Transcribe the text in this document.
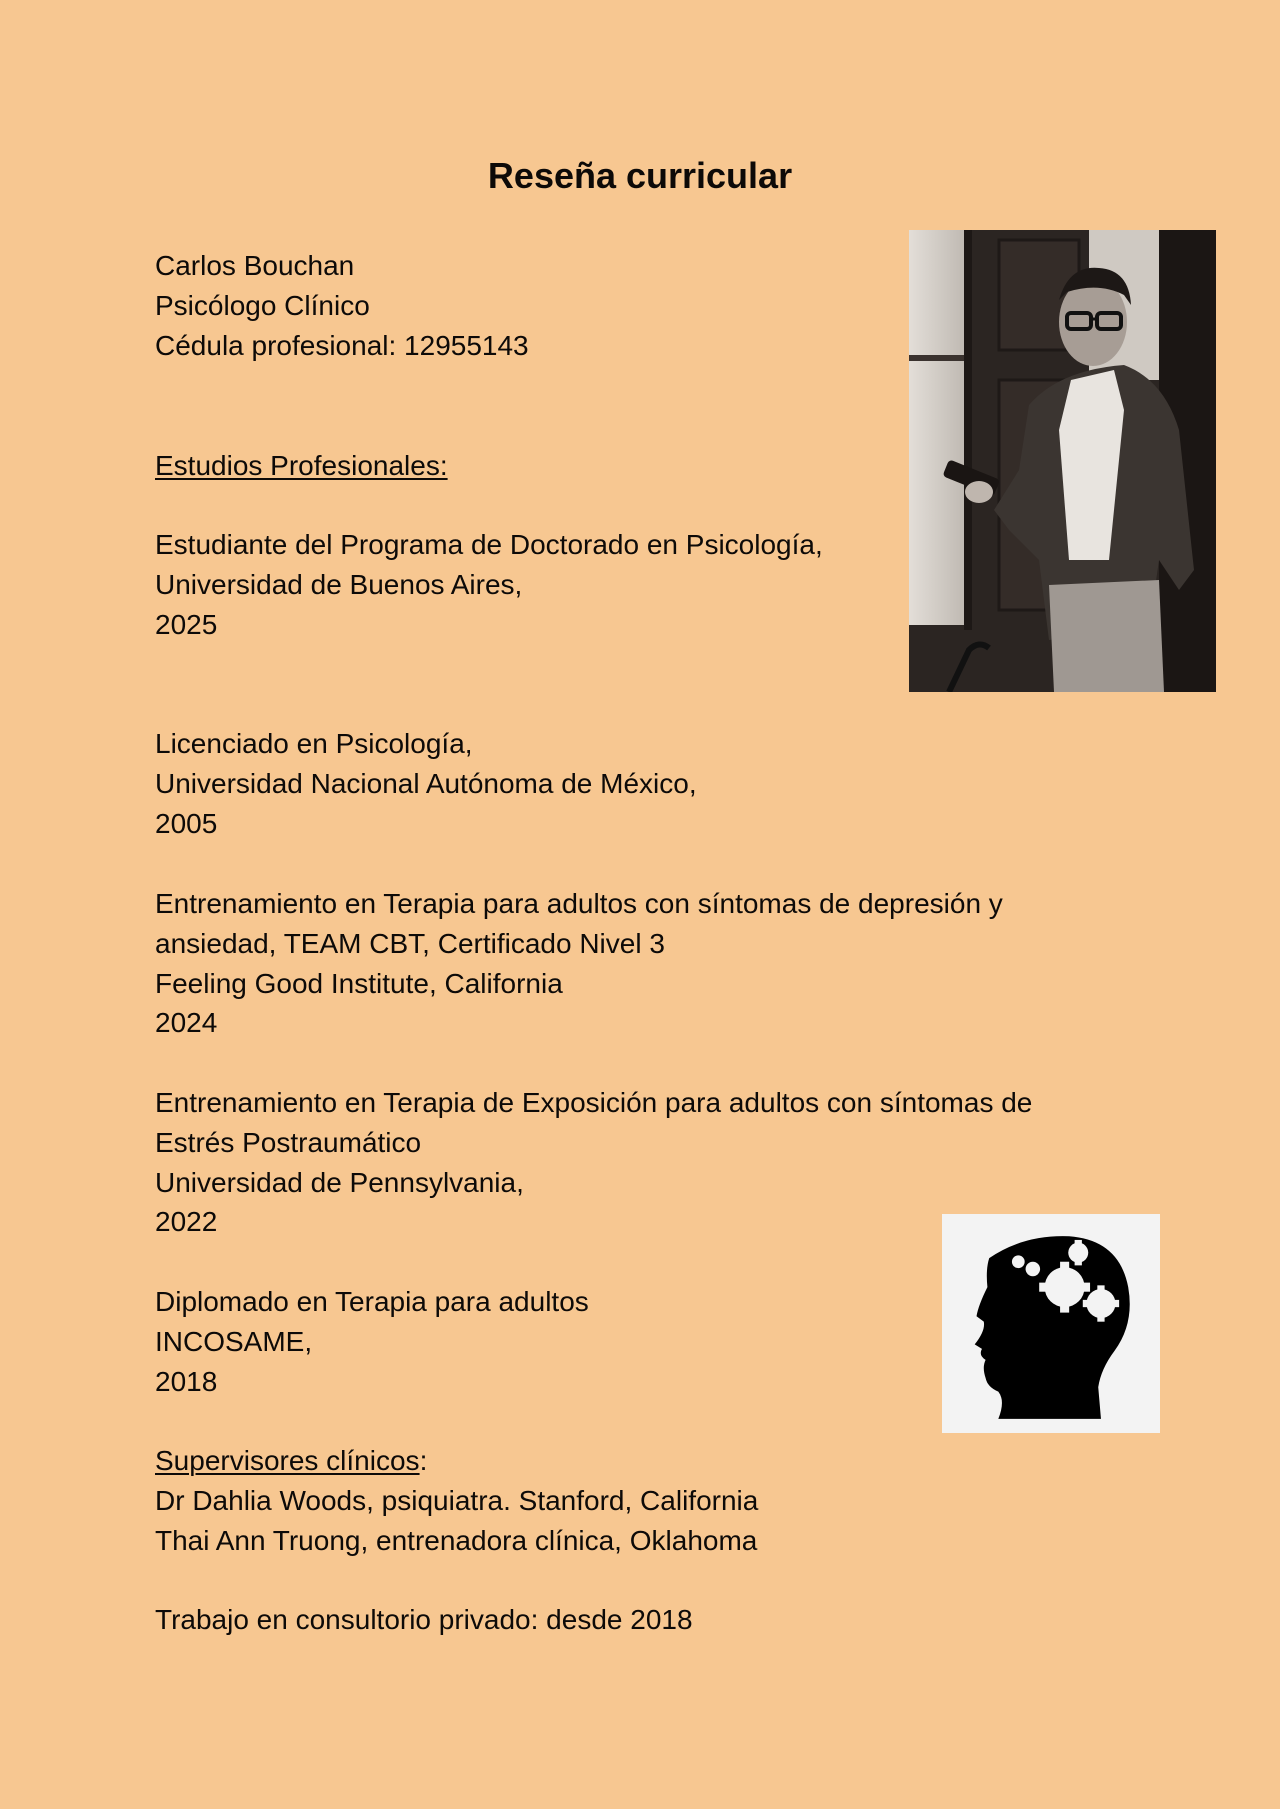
Reseña curricular
Carlos Bouchan
Psicólogo Clínico
Cédula profesional: 12955143
Estudios Profesionales:
Estudiante del Programa de Doctorado en Psicología,
Universidad de Buenos Aires,
2025
Licenciado en Psicología,
Universidad Nacional Autónoma de México,
2005
Entrenamiento en Terapia para adultos con síntomas de depresión y
ansiedad, TEAM CBT, Certificado Nivel 3
Feeling Good Institute, California
2024
Entrenamiento en Terapia de Exposición para adultos con síntomas de
Estrés Postraumático
Universidad de Pennsylvania,
2022
Diplomado en Terapia para adultos
INCOSAME,
2018
Supervisores clínicos:
Dr Dahlia Woods, psiquiatra. Stanford, California
Thai Ann Truong, entrenadora clínica, Oklahoma
Trabajo en consultorio privado: desde 2018
